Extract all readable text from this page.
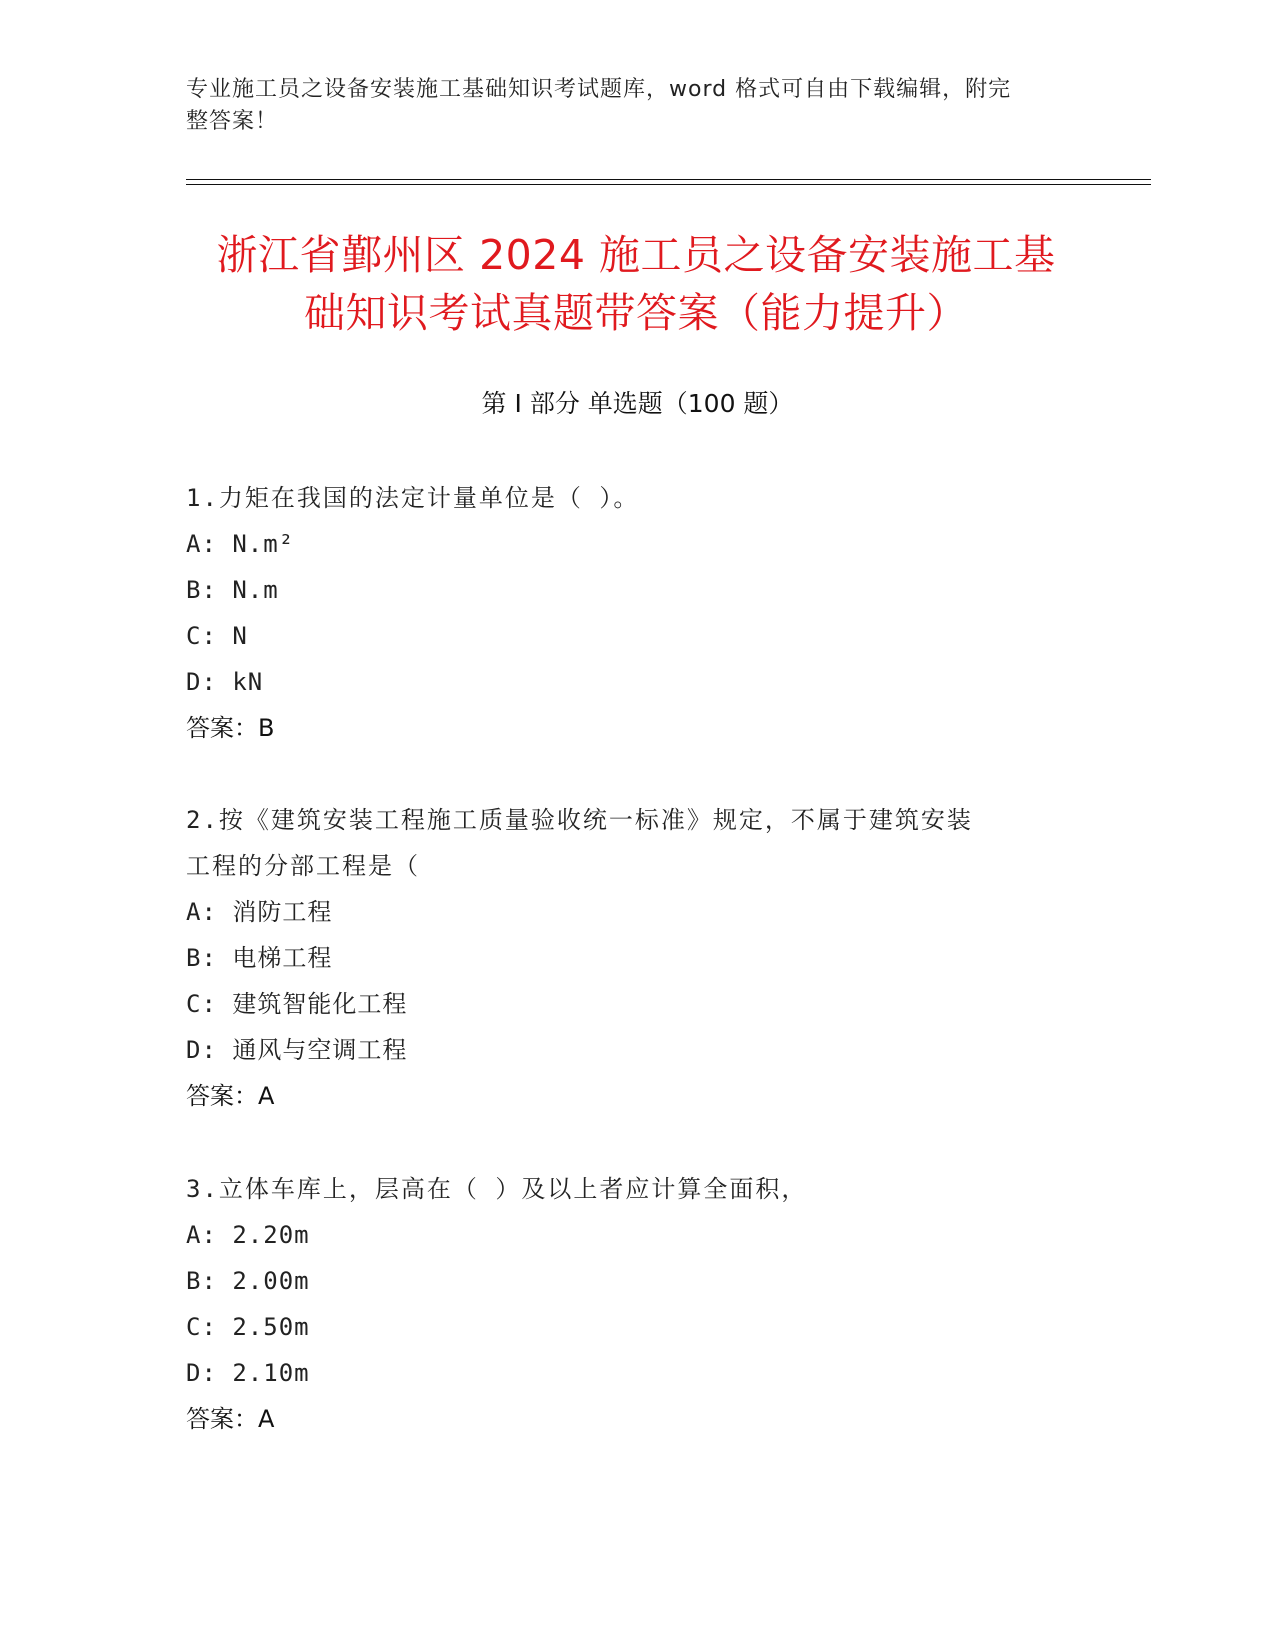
专业施工员之设备安装施工基础知识考试题库，word 格式可自由下载编辑，附完
整答案！
浙江省鄞州区 2024 施工员之设备安装施工基
础知识考试真题带答案（能力提升）
第 I 部分 单选题（100 题）

1.力矩在我国的法定计量单位是（ ）。

A: N.m²

B: N.m

C: N

D: kN

答案：B

2.按《建筑安装工程施工质量验收统一标准》规定，不属于建筑安装

工程的分部工程是（

A: 消防工程

B: 电梯工程

C: 建筑智能化工程

D: 通风与空调工程

答案：A

3.立体车库上，层高在（ ）及以上者应计算全面积，

A: 2.20m

B: 2.00m

C: 2.50m

D: 2.10m

答案：A
